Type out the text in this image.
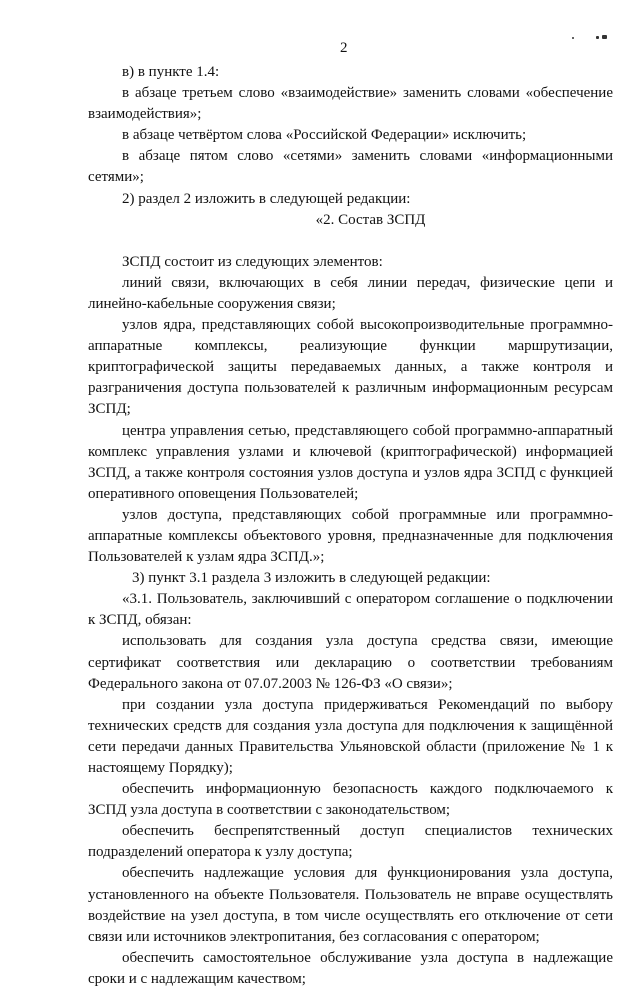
2

в) в пункте 1.4:

в абзаце третьем слово «взаимодействие» заменить словами «обеспечение взаимодействия»;

в абзаце четвёртом слова «Российской Федерации» исключить;

в абзаце пятом слово «сетями» заменить словами «информационными сетями»;

2) раздел 2 изложить в следующей редакции:

«2. Состав ЗСПД

ЗСПД состоит из следующих элементов:

линий связи, включающих в себя линии передач, физические цепи и линейно-кабельные сооружения связи;

узлов ядра, представляющих собой высокопроизводительные программно-аппаратные комплексы, реализующие функции маршрутизации, криптографической защиты передаваемых данных, а также контроля и разграничения доступа пользователей к различным информационным ресурсам ЗСПД;

центра управления сетью, представляющего собой программно-аппаратный комплекс управления узлами и ключевой (криптографической) информацией ЗСПД, а также контроля состояния узлов доступа и узлов ядра ЗСПД с функцией оперативного оповещения Пользователей;

узлов доступа, представляющих собой программные или программно-аппаратные комплексы объектового уровня, предназначенные для подключения Пользователей к узлам ядра ЗСПД.»;

3) пункт 3.1 раздела 3 изложить в следующей редакции:

«3.1. Пользователь, заключивший с оператором соглашение о подключении к ЗСПД, обязан:

использовать для создания узла доступа средства связи, имеющие сертификат соответствия или декларацию о соответствии требованиям Федерального закона от 07.07.2003 № 126-ФЗ «О связи»;

при создании узла доступа придерживаться Рекомендаций по выбору технических средств для создания узла доступа для подключения к защищённой сети передачи данных Правительства Ульяновской области (приложение № 1 к настоящему Порядку);

обеспечить информационную безопасность каждого подключаемого к ЗСПД узла доступа в соответствии с законодательством;

обеспечить беспрепятственный доступ специалистов технических подразделений оператора к узлу доступа;

обеспечить надлежащие условия для функционирования узла доступа, установленного на объекте Пользователя. Пользователь не вправе осуществлять воздействие на узел доступа, в том числе осуществлять его отключение от сети связи или источников электропитания, без согласования с оператором;

обеспечить самостоятельное обслуживание узла доступа в надлежащие сроки и с надлежащим качеством;
